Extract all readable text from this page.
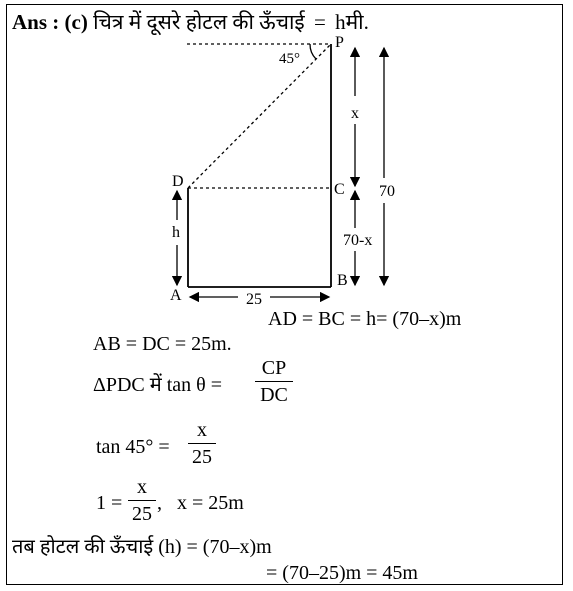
Ans : (c) चित्र में दूसरे होटल की ऊँचाई = hमी.
45°
P
D	C
A
B
x
70
70-x
h
25
AD = BC = h= (70–x)m
AB = DC = 25m.
ΔPDC में tan θ =
CP
DC
tan 45° =
x
25
1 =
x
25 ,   x = 25m
तब होटल की ऊँचाई (h) = (70–x)m
= (70–25)m = 45m
